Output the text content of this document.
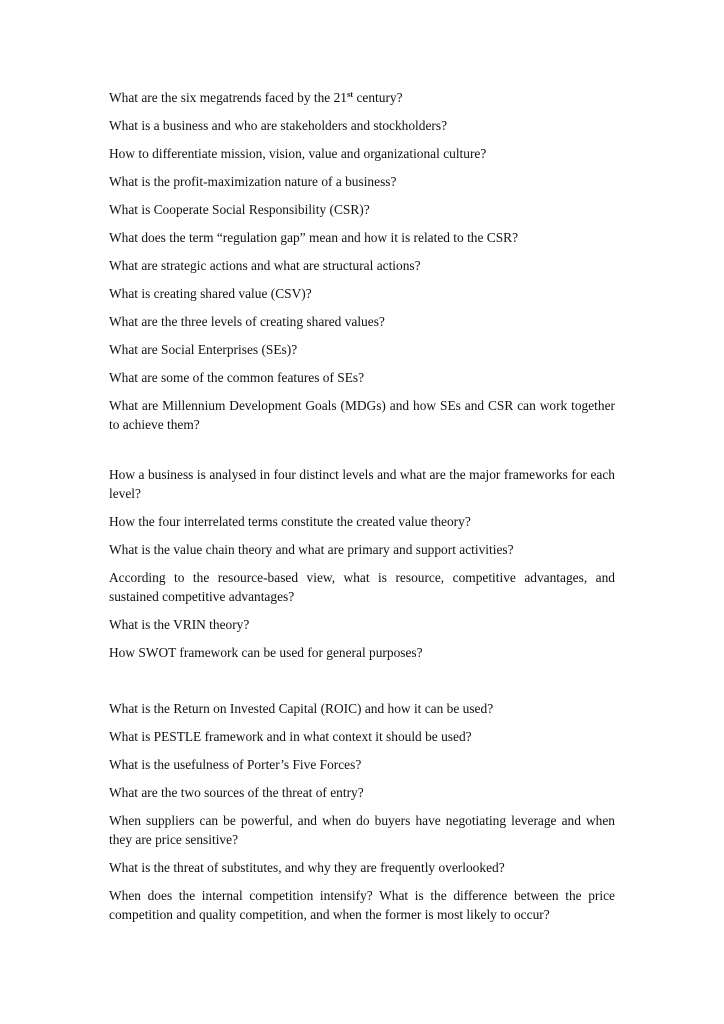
What are the six megatrends faced by the 21st century?

What is a business and who are stakeholders and stockholders?

How to differentiate mission, vision, value and organizational culture?

What is the profit-maximization nature of a business?

What is Cooperate Social Responsibility (CSR)?

What does the term “regulation gap” mean and how it is related to the CSR?

What are strategic actions and what are structural actions?

What is creating shared value (CSV)?

What are the three levels of creating shared values?

What are Social Enterprises (SEs)?

What are some of the common features of SEs?

What are Millennium Development Goals (MDGs) and how SEs and CSR can work together to achieve them?

How a business is analysed in four distinct levels and what are the major frameworks for each level?

How the four interrelated terms constitute the created value theory?

What is the value chain theory and what are primary and support activities?

According to the resource-based view, what is resource, competitive advantages, and sustained competitive advantages?

What is the VRIN theory?

How SWOT framework can be used for general purposes?

What is the Return on Invested Capital (ROIC) and how it can be used?

What is PESTLE framework and in what context it should be used?

What is the usefulness of Porter’s Five Forces?

What are the two sources of the threat of entry?

When suppliers can be powerful, and when do buyers have negotiating leverage and when they are price sensitive?

What is the threat of substitutes, and why they are frequently overlooked?

When does the internal competition intensify? What is the difference between the price competition and quality competition, and when the former is most likely to occur?
